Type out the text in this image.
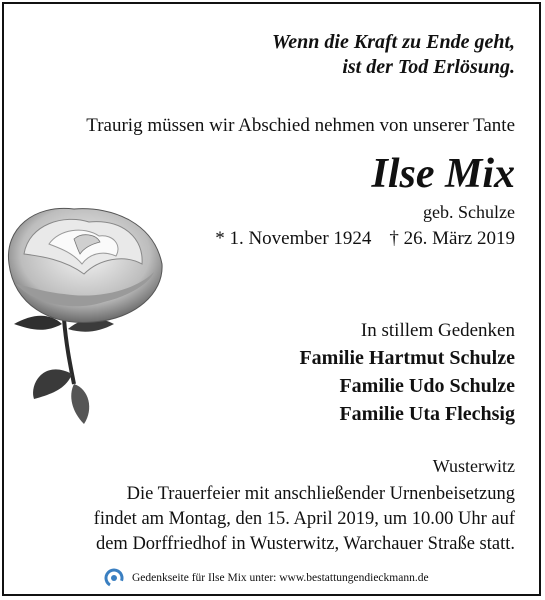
Wenn die Kraft zu Ende geht,
ist der Tod Erlösung.
Traurig müssen wir Abschied nehmen von unserer Tante
Ilse Mix
geb. Schulze
* 1. November 1924 † 26. März 2019
In stillem Gedenken
Familie Hartmut Schulze
Familie Udo Schulze
Familie Uta Flechsig
Wusterwitz
Die Trauerfeier mit anschließender Urnenbeisetzung
findet am Montag, den 15. April 2019, um 10.00 Uhr auf
dem Dorffriedhof in Wusterwitz, Warchauer Straße statt.
Gedenkseite für Ilse Mix unter: www.bestattungendieckmann.de
